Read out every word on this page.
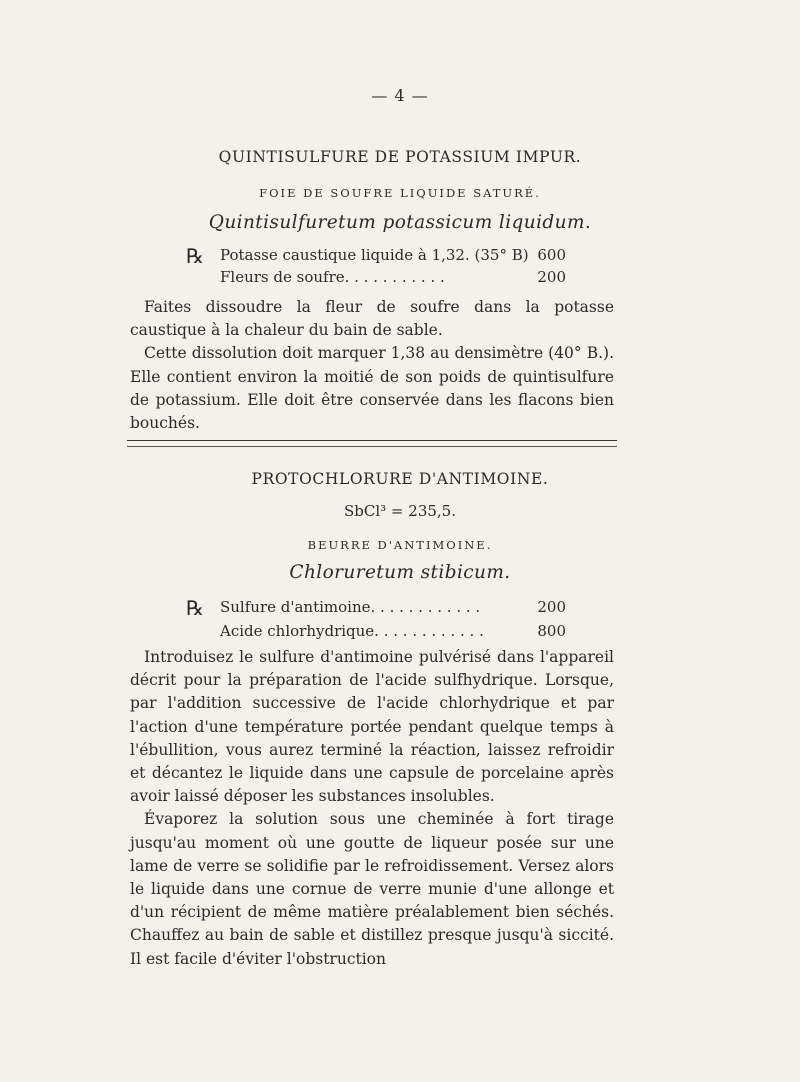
— 4 —
QUINTISULFURE DE POTASSIUM IMPUR.
FOIE DE SOUFRE LIQUIDE SATURÉ.
Quintisulfuretum potassicum liquidum.
℞ Potasse caustique liquide à 1,32. (35° B) 600
Fleurs de soufre. . . . . . . . . . .	200

Faites dissoudre la fleur de soufre dans la potasse caustique à la chaleur du bain de sable.

Cette dissolution doit marquer 1,38 au densimètre (40° B.). Elle contient environ la moitié de son poids de quintisulfure de potassium. Elle doit être conservée dans les flacons bien bouchés.

PROTOCHLORURE D'ANTIMOINE.
SbCl³ = 235,5.
BEURRE D'ANTIMOINE.
Chloruretum stibicum.
℞ Sulfure d'antimoine. . . . . . . . . . . .	200
Acide chlorhydrique. . . . . . . . . . . .	800

Introduisez le sulfure d'antimoine pulvérisé dans l'appareil décrit pour la préparation de l'acide sulfhydrique. Lorsque, par l'addition successive de l'acide chlorhydrique et par l'action d'une température portée pendant quelque temps à l'ébullition, vous aurez terminé la réaction, laissez refroidir et décantez le liquide dans une capsule de porcelaine après avoir laissé déposer les substances insolubles.

Évaporez la solution sous une cheminée à fort tirage jusqu'au moment où une goutte de liqueur posée sur une lame de verre se solidifie par le refroidissement. Versez alors le liquide dans une cornue de verre munie d'une allonge et d'un récipient de même matière préalablement bien séchés. Chauffez au bain de sable et distillez presque jusqu'à siccité. Il est facile d'éviter l'obstruction
